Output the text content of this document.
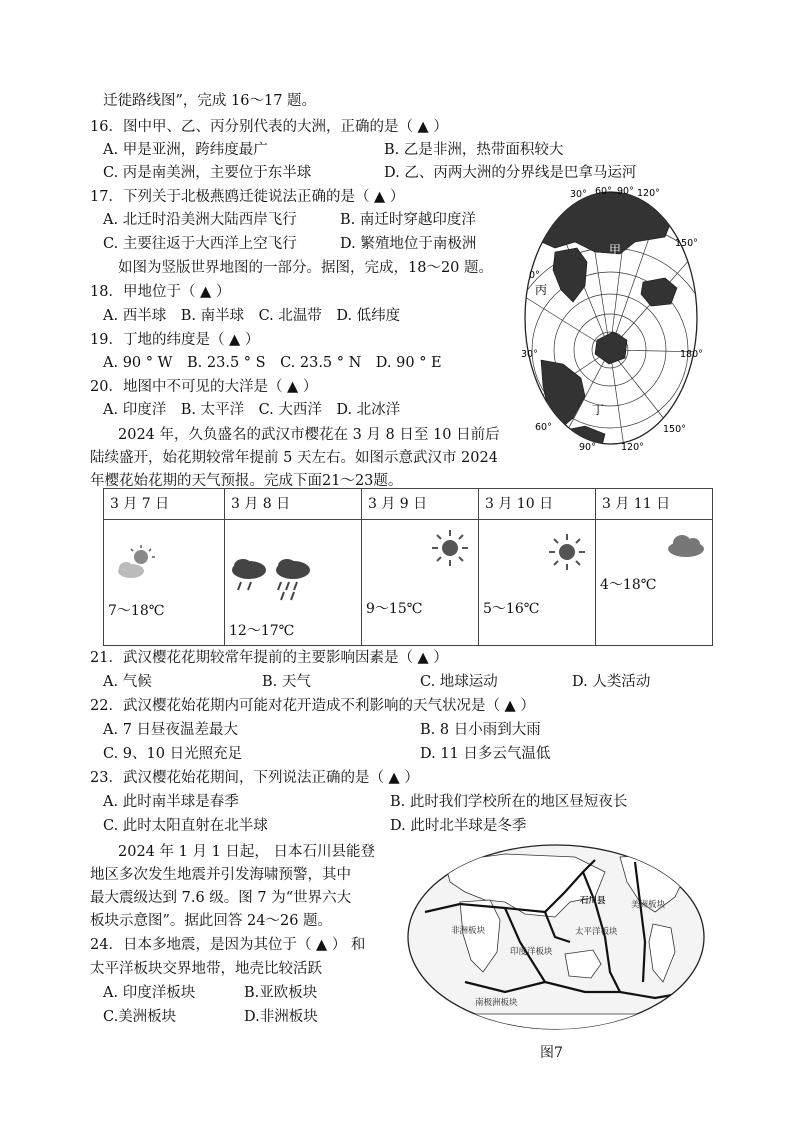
迁徙路线图”，完成 16～17 题。
16．图中甲、乙、丙分别代表的大洲，正确的是（ ▲ ）
A. 甲是亚洲，跨纬度最广	B. 乙是非洲，热带面积较大
C. 丙是南美洲，主要位于东半球	D. 乙、丙两大洲的分界线是巴拿马运河
17．下列关于北极燕鸥迁徙说法正确的是（ ▲ ）
A. 北迁时沿美洲大陆西岸飞行	B. 南迁时穿越印度洋
C. 主要往返于大西洋上空飞行	D. 繁殖地位于南极洲
如图为竖版世界地图的一部分。据图，完成，18～20 题。
18．甲地位于（ ▲ ）
A. 西半球　B. 南半球　C. 北温带　D. 低纬度
19．丁地的纬度是（ ▲ ）
A. 90 ° W　B. 23.5 ° S　C. 23.5 ° N　D. 90 ° E
20．地图中不可见的大洋是（ ▲ ）
A. 印度洋　B. 太平洋　C. 大西洋　D. 北冰洋
2024 年，久负盛名的武汉市樱花在 3 月 8 日至 10 日前后
陆续盛开，始花期较常年提前 5 天左右。如图示意武汉市 2024
年樱花始花期的天气预报。完成下面21～23题。
30° 60° 90° 120°
150°
0°
30°	180°
60°
90°	120°
150°
甲
乙
丙
丁
3 月 7 日	3 月 8 日	3 月 9 日	3 月 10 日	3 月 11 日

7～18℃	12～17℃	9～15℃	5～16℃	4～18℃
21．武汉樱花花期较常年提前的主要影响因素是（ ▲ ）
A. 气候	B. 天气	C. 地球运动	D. 人类活动
22．武汉樱花始花期内可能对花开造成不利影响的天气状况是（ ▲ ）
A. 7 日昼夜温差最大	B. 8 日小雨到大雨
C. 9、10 日光照充足	D. 11 日多云气温低
23．武汉樱花始花期间，下列说法正确的是（ ▲ ）
A. 此时南半球是春季	B. 此时我们学校所在的地区昼短夜长
C. 此时太阳直射在北半球	D. 此时北半球是冬季
2024 年 1 月 1 日起， 日本石川县能登
地区多次发生地震并引发海啸预警，其中
最大震级达到 7.6 级。图 7 为“世界六大
板块示意图”。据此回答 24～26 题。
24．日本多地震，是因为其位于（ ▲ ） 和
太平洋板块交界地带，地壳比较活跃
A. 印度洋板块	B.亚欧板块
C.美洲板块	D.非洲板块
石川县	美洲板块
非洲板块	太平洋板块
印度洋板块
南极洲板块
图7
